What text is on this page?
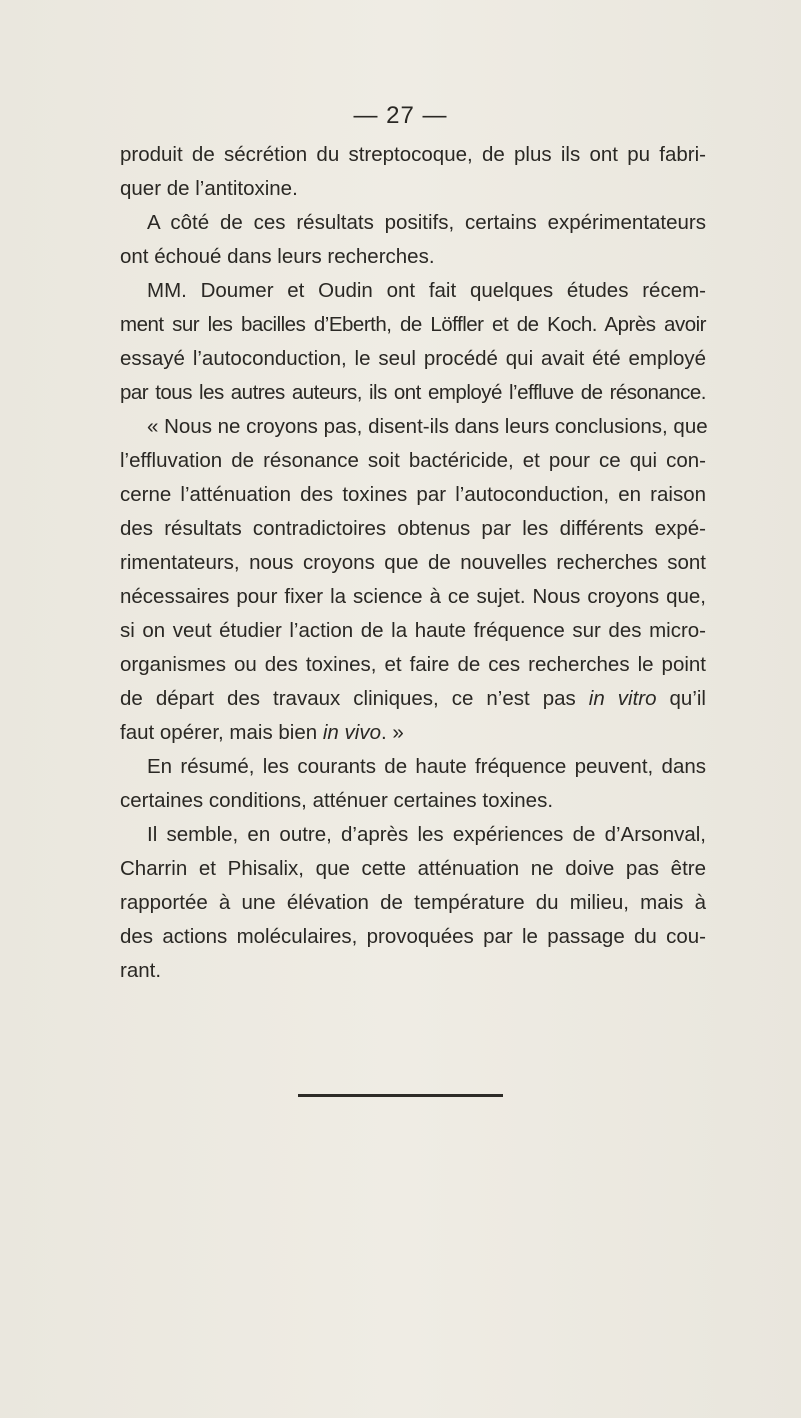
— 27 —
produit de sécrétion du streptocoque, de plus ils ont pu fabri-
quer de l’antitoxine.
A côté de ces résultats positifs, certains expérimentateurs
ont échoué dans leurs recherches.
MM. Doumer et Oudin ont fait quelques études récem-
ment sur les bacilles d’Eberth, de Löffler et de Koch. Après avoir
essayé l’autoconduction, le seul procédé qui avait été employé
par tous les autres auteurs, ils ont employé l’effluve de résonance.
« Nous ne croyons pas, disent-ils dans leurs conclusions, que
l’effluvation de résonance soit bactéricide, et pour ce qui con-
cerne l’atténuation des toxines par l’autoconduction, en raison
des résultats contradictoires obtenus par les différents expé-
rimentateurs, nous croyons que de nouvelles recherches sont
nécessaires pour fixer la science à ce sujet. Nous croyons que,
si on veut étudier l’action de la haute fréquence sur des micro-
organismes ou des toxines, et faire de ces recherches le point
de départ des travaux cliniques, ce n’est pas in vitro qu’il
faut opérer, mais bien in vivo. »
En résumé, les courants de haute fréquence peuvent, dans
certaines conditions, atténuer certaines toxines.
Il semble, en outre, d’après les expériences de d’Arsonval,
Charrin et Phisalix, que cette atténuation ne doive pas être
rapportée à une élévation de température du milieu, mais à
des actions moléculaires, provoquées par le passage du cou-
rant.
